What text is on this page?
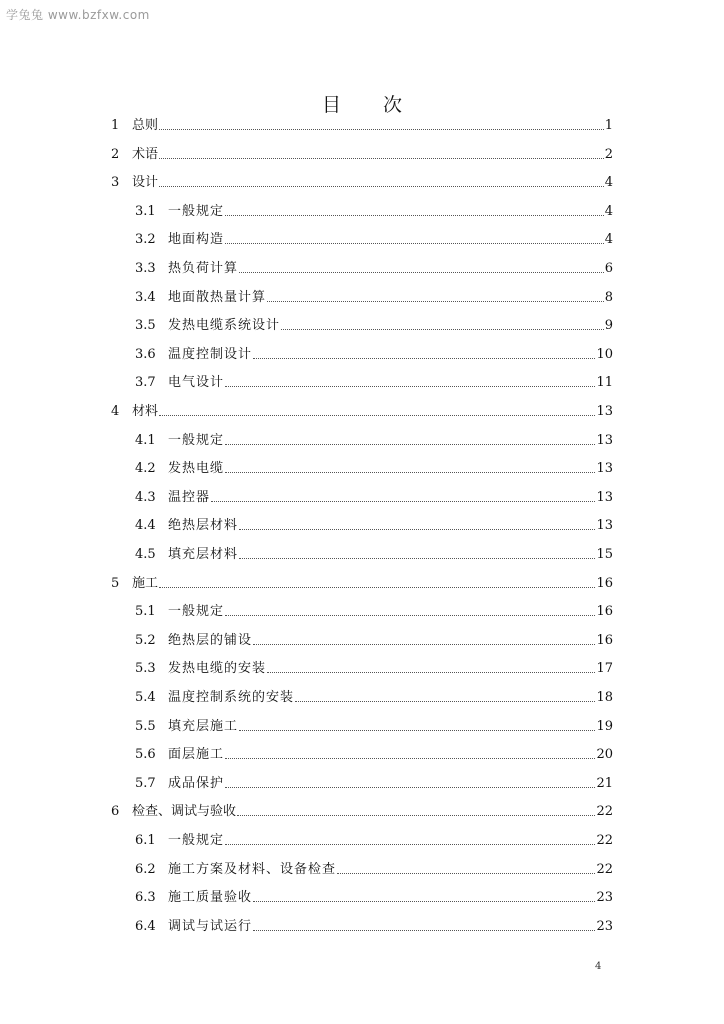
学兔兔 www.bzfxw.com
目 次
1 总则	1
2 术语	2
3 设计	4
3.1 一般规定	4
3.2 地面构造	4
3.3 热负荷计算	6
3.4 地面散热量计算	8
3.5 发热电缆系统设计	9
3.6 温度控制设计	10
3.7 电气设计	11
4 材料	13
4.1 一般规定	13
4.2 发热电缆	13
4.3 温控器	13
4.4 绝热层材料	13
4.5 填充层材料	15
5 施工	16
5.1 一般规定	16
5.2 绝热层的铺设	16
5.3 发热电缆的安装	17
5.4 温度控制系统的安装	18
5.5 填充层施工	19
5.6 面层施工	20
5.7 成品保护	21
6 检查、调试与验收	22
6.1 一般规定	22
6.2 施工方案及材料、设备检查	22
6.3 施工质量验收	23
6.4 调试与试运行	23
4
